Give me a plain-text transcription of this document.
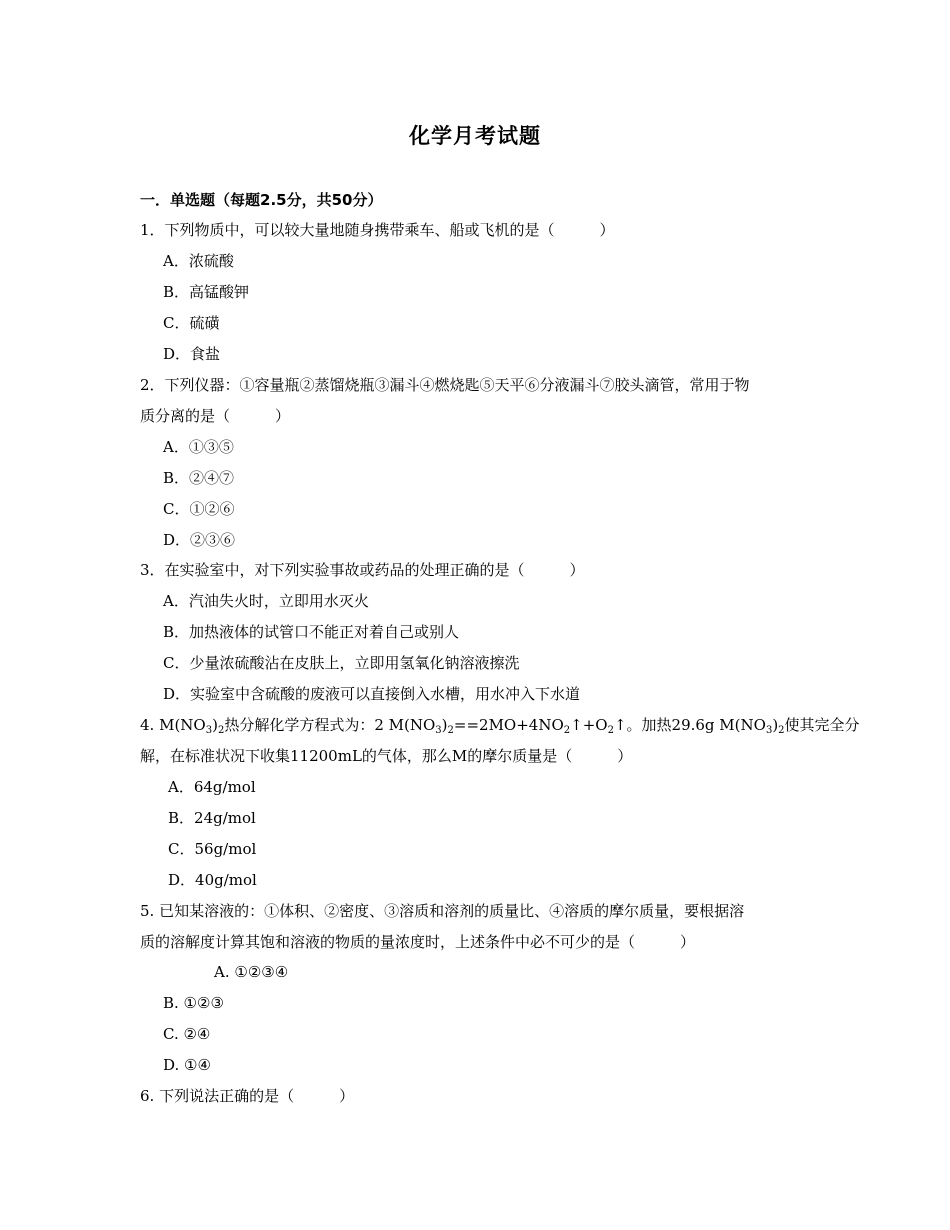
化学月考试题
一．单选题（每题2.5分，共50分）
1．下列物质中，可以较大量地随身携带乘车、船或飞机的是（　　　）
A．浓硫酸
B．高锰酸钾
C．硫磺
D．食盐
2．下列仪器：①容量瓶②蒸馏烧瓶③漏斗④燃烧匙⑤天平⑥分液漏斗⑦胶头滴管，常用于物
质分离的是（　　　）
A．①③⑤
B．②④⑦
C．①②⑥
D．②③⑥
3．在实验室中，对下列实验事故或药品的处理正确的是（　　　）
A．汽油失火时，立即用水灭火
B．加热液体的试管口不能正对着自己或别人
C．少量浓硫酸沾在皮肤上，立即用氢氧化钠溶液擦洗
D．实验室中含硫酸的废液可以直接倒入水槽，用水冲入下水道
4. $M(NO_3)_2$热分解化学方程式为：2 $M(NO_3)_2==2MO+4NO_2↑+O_2↑$。加热29.6g $M(NO_3)_2$使其完全分
解，在标准状况下收集11200mL的气体，那么M的摩尔质量是（　　　）
A．64g/mol
B．24g/mol
C．56g/mol
D．40g/mol
5. 已知某溶液的：①体积、②密度、③溶质和溶剂的质量比、④溶质的摩尔质量，要根据溶
质的溶解度计算其饱和溶液的物质的量浓度时，上述条件中必不可少的是（　　　）
A. ①②③④
B. ①②③
C. ②④
D. ①④
6. 下列说法正确的是（　　　）
